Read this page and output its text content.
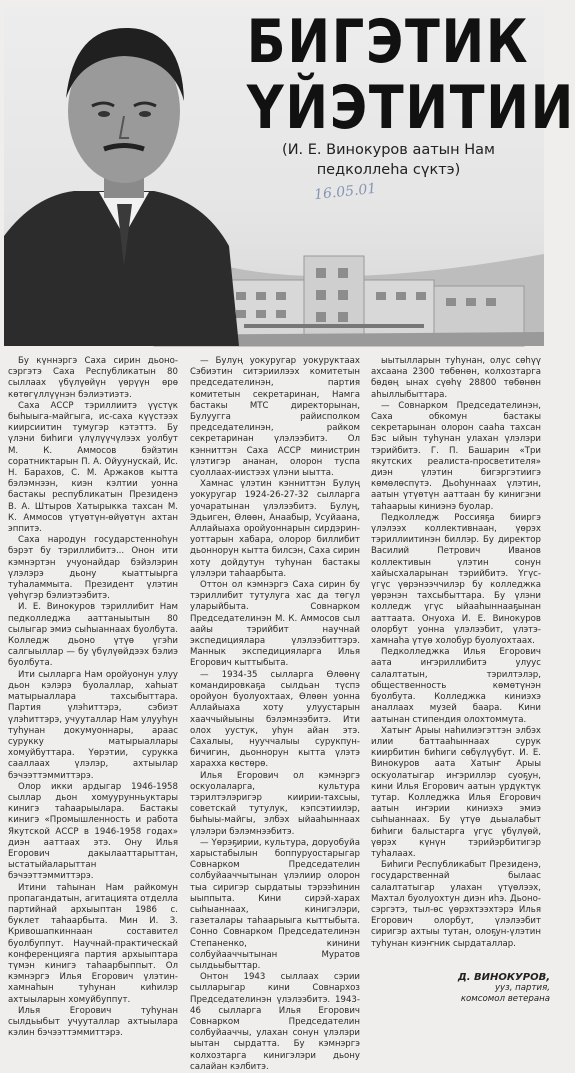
БИГЭТИК
ҮЙЭТИТИИ
(И. Е. Винокуров аатын Нам
педколлеhа сүктэ)
16.05.01

Бу күннэргэ Саха сирин дьоно-сэргэтэ Саха Республикатын 80 сыллаах үбүлүөйүн үөрүүн өрө көтөгүллүүнэн бэлиэтиэтэ.

Саха АССР тэриллиитэ үүстүк быhыыга-майгыга, ис-саха күүстээх киирсиитин тумугэр кэтэттэ. Бу үлэни биhиги үлүлүүчүлээх уолбут М. К. Аммосов бэйэтин соратниктарын П. А. Ойуунускай, Ис. Н. Барахов, С. М. Аржаков кытта бэлэмнээн, киэн кэлтии уонна бастакы республикатын Президенэ В. А. Штыров Хатырыкка тахсан М. К. Аммосов үтүөтүн-өйүөтүн ахтан эппитэ.

Саха народун государстенноhун бэрэт бу тэриллибитэ... Онон ити кэмнэртэн учуонайдар бэйэлэрин үлэлэрэ дьону кыаттыырга туhаламмыта. Президент үлэтин үөһүгэр бэлиэтээбитэ.

И. Е. Винокуров тэриллибит Нам педколледжа ааттаныытын 80 сылыгар эмиэ сыhыаннаах буолбута. Колледж дьоно үтүө үгэhи салгыыллар — бу үбүлүөйдээх бэлиэ буолбута.

Ити сылларга Нам оройуонун улуу дьон кэлэрэ буолаллар, хаhыат матырыаллара тахсыбыттара. Партия үлэhиттэрэ, сэбиэт үлэhиттэрэ, учууталлар Нам улууhун туhунан докумуоннары, араас сурукку матырыаллары хомуйбуттара. Үөрэтии, сурукка сааллаах үлэлэр, ахтыылар бэчээттэммиттэрэ.

Олор икки ардыгар 1946-1958 сыллар дьон хомуурунньуктары кинигэ таhаарыылара. Бастакы кинигэ «Промышленность и работа Якутской АССР в 1946-1958 годах» диэн ааттаах этэ. Ону Илья Егорович дакылааттарыттан, ыстатыйаларыттан бэчээттэммиттэрэ.

Итини таhынан Нам райкомун пропагандатын, агитацията отделла партийнай архыыптан 1986 с. буклет таhаарбыта. Мин И. З. Кривошапкиннаан составител буолбуппут. Научнай-практическай конференцияга партия архыыптара түмэн кинигэ таhаарбыппыт. Ол кэмнэргэ Илья Егорович үлэтин-хамнаhын туhунан киhилэр ахтыыларын хомуйбуппут.

Илья Егорович туhунан сылдьыбыт учууталлар ахтыылара кэлин бэчээттэммиттэрэ.

— Булуң уокуругар уокуруктаах Сэбиэтин ситэриилээх комитетын председателинэн, партия комитетын секретаринан, Намга бастакы МТС директорынан, Булуугга райисполком председателинэн, райком секретаринан үлэлээбитэ. Ол кэнниттэн Саха АССР министрин үлэтигэр ананан, олорон туспа суоллаах-иистээх үлэни ыытта.

Хамнас үлэтин кэнниттэн Булуң уокуругар 1924-26-27-32 сылларга уочаратынан үлэлээбитэ. Булуң, Эдьиген, Өлөөн, Анаабыр, Усуйаана, Аллайыаха оройуоннарын сирдэрин-уоттарын хабара, олорор биллибит дьоннорун кытта билсэн, Саха сирин хоту дойдутун туhунан бастакы үлэлэри таhаарбыта.

Оттон ол кэмнэргэ Саха сирин бу тэриллибит тутулуга хас да төгүл уларыйбыта. Совнарком Председателинэн М. К. Аммосов сыл аайы тэрийбит научнай экспедициялара үлэлээбиттэрэ. Маннык экспедицияларга Илья Егорович кыттыбыта.

— 1934-35 сылларга Өлөөнү командировкаҕа сылдьан түспэ оройуон буолуохтаах, Өлөөн уонна Аллайыаха хоту улуустарын хааччыйыыны бэлэмнээбитэ. Ити олох уустук, уһун айан этэ. Сахалыы, нууччалыы сурукпун-бичигин, дьоннорун кытта үлэтэ харахха көстөрө.

Илья Егорович ол кэмнэргэ оскуолаларга, культура тэрилтэлэригэр киирии-тахсыы, советскай тутулук, кэпсэтиилэр, быhыы-майгы, элбэх ыйааhыннаах үлэлэри бэлэмнээбитэ.

— Үөрэҕирии, культура, доруобуйа харыстабылын боппуруостарыгар Совнарком Председателин солбуйааччытынан үлэлиир олорон тыа сиригэр сырдатыы тэрээhинин ыыппыта. Кини сирэй-харах сыhыаннаах, кинигэлэри, газеталары таhаарыыга кыттыбыта. Сонно Совнарком Председателинэн Степаненко, кинини солбуйааччытынан Муратов сылдьыбыттар.

Онтон 1943 сыллаах сэрии сылларыгар кини Совнархоз Председателинэн үлэлээбитэ. 1943-46 сылларга Илья Егорович Совнарком Председателин солбуйааччы, улахан сонун үлэлэри ыытан сырдатта. Бу кэмнэргэ колхозтарга кинигэлэри дьону салайан кэлбитэ.

ыытылларын туhунан, олус сөhүү ахсаана 2300 төбөнөн, колхозтарга бөдөң ынах сүөhү 28800 төбөнөн аhыллыбыттара.

— Совнарком Председателинэн, Саха обкомун бастакы секретарынан олорон сааhа тахсан Бэс ыйын туhунан улахан үлэлэри тэрийбитэ. Г. П. Башарин «Три якутских реалиста-просветителя» диэн үлэтин бигэргэтиигэ көмөлөспүтэ. Дьоhуннаах үлэтин, аатын үтүөтүн ааттаан бу кинигэни таhаарыы киниэнэ буолар.

Педколледж Россияҕа бииргэ үлэлээх коллективнаан, үөрэх тэриллиитинэн биллэр. Бу директор Василий Петрович Иванов коллективын үлэтин сонун хайысхаларынан тэрийбитэ. Үгүс-үгүс үөрэнээччилэр бу колледжка үөрэнэн тахсыбыттара. Бу үлэни колледж үгүс ыйааhыннааҕынан ааттаата. Онуоха И. Е. Винокуров олорбут уонна үлэлээбит, үлэтэ-хамнаhа үтүө холобур буолуохтаах.

Педколледжка Илья Егорович аата иҥэриллибитэ улуус салалтатын, тэрилтэлэр, общественность көмөтүнэн буолбута. Колледжка киниэхэ аналлаах музей баара. Кини аатынан стипендия олохтоммута.

Хатыҥ Арыы наhилиэгэттэн элбэх илии баттааhыннаах сурук киирбитин биhиги сөбүлүүбүт. И. Е. Винокуров аата Хатыҥ Арыы оскуолатыгар иҥэриллэр суоҕун, кини Илья Егорович аатын үрдүктүк тутар. Колледжка Илья Егорович аатын иҥэрии киниэхэ эмиэ сыhыаннаах. Бу үтүө дьыалабыт биhиги балыстарга үгүс үбүлүөй, үөрэх күнүн тэрийэрбитигэр туhалаах.

Биhиги Республикабыт Президенэ, государственнай былаас салалтатыгар улахан үтүөлээх, Махтал буолуохтун диэн иhэ. Дьоно-сэргэтэ, тыл-өс үөрэхтээхтэрэ Илья Егорович олорбут, үлэлээбит сиригэр ахтыы тутан, олоҕун-үлэтин туhунан киэҥник сырдаталлар.

Д. ВИНОКУРОВ,
ууз, партия,
комсомол ветерана
